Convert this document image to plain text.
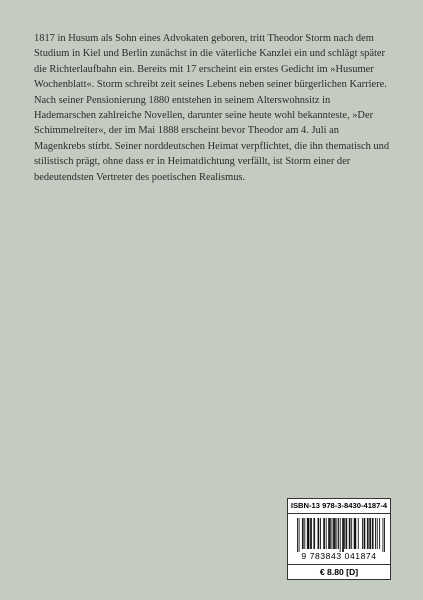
1817 in Husum als Sohn eines Advokaten geboren, tritt Theodor Storm nach dem Studium in Kiel und Berlin zunächst in die väterliche Kanzlei ein und schlägt später die Richterlaufbahn ein. Bereits mit 17 erscheint ein erstes Gedicht im »Husumer Wochenblatt«. Storm schreibt zeit seines Lebens neben seiner bürgerlichen Karriere. Nach seiner Pensionierung 1880 entstehen in seinem Alterswohnsitz in Hademarschen zahlreiche Novellen, darunter seine heute wohl bekannteste, »Der Schimmelreiter«, der im Mai 1888 erscheint bevor Theodor am 4. Juli an Magenkrebs stirbt. Seiner norddeutschen Heimat verpflichtet, die ihn thematisch und stilistisch prägt, ohne dass er in Heimatdichtung verfällt, ist Storm einer der bedeutendsten Vertreter des poetischen Realismus.

ISBN-13 978-3-8430-4187-4
9 783843 041874
€ 8.80 [D]
